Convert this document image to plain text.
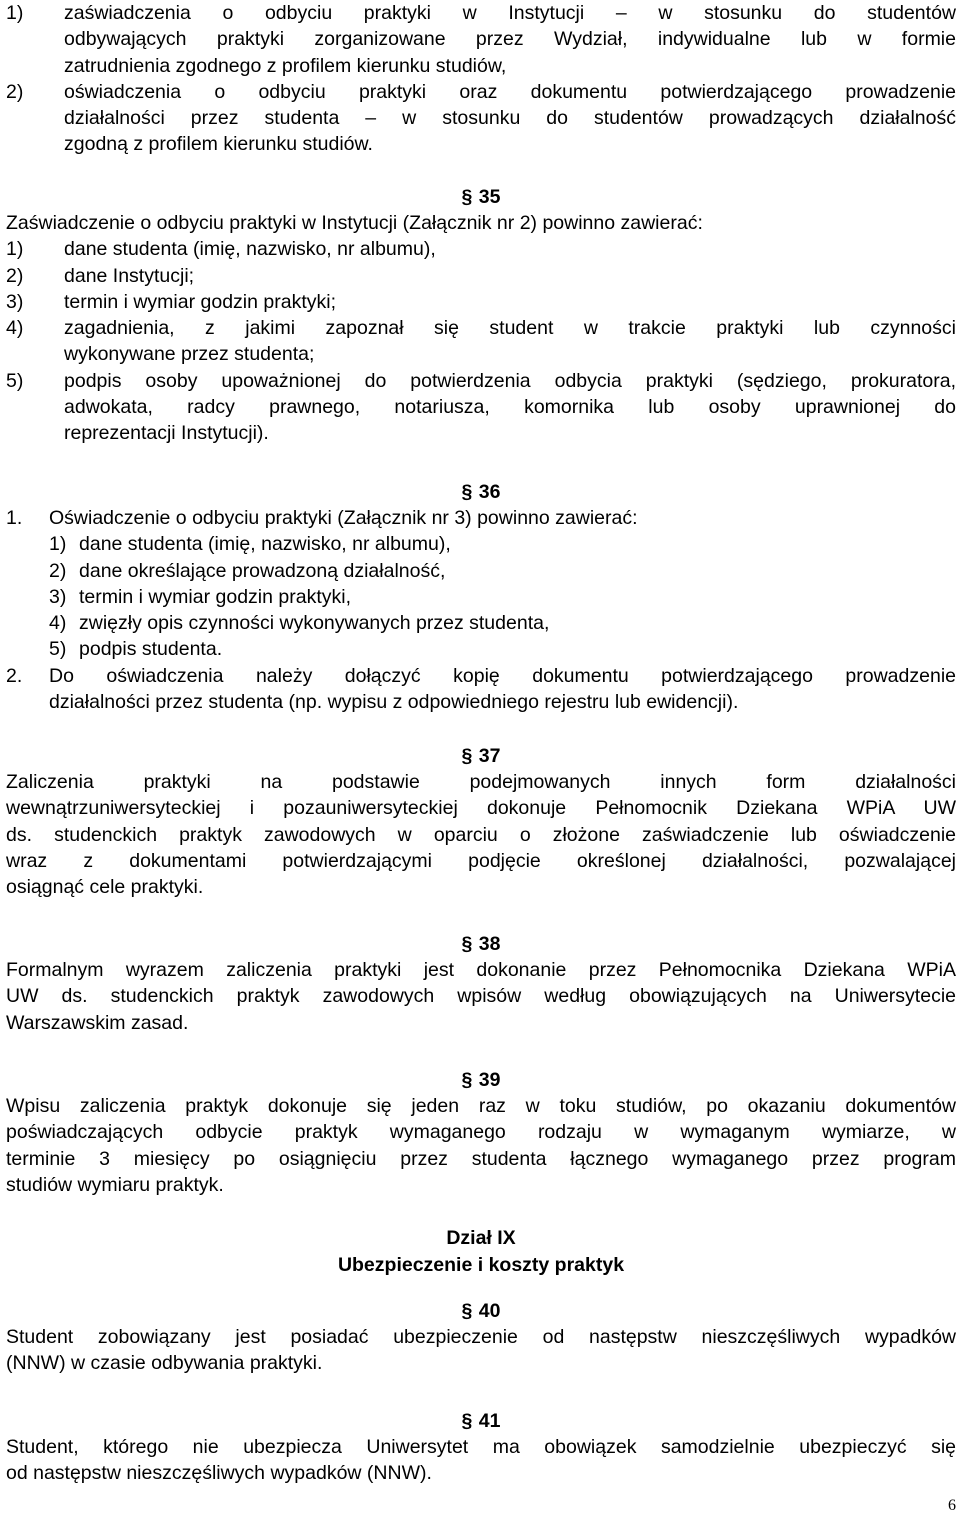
1)	zaświadczenia o odbyciu praktyki w Instytucji – w stosunku do studentów
odbywających praktyki zorganizowane przez Wydział, indywidualne lub w formie
zatrudnienia zgodnego z profilem kierunku studiów,
2)	oświadczenia o odbyciu praktyki oraz dokumentu potwierdzającego prowadzenie
działalności przez studenta – w stosunku do studentów prowadzących działalność
zgodną z profilem kierunku studiów.
§ 35
Zaświadczenie o odbyciu praktyki w Instytucji (Załącznik nr 2) powinno zawierać:
1)	dane studenta (imię, nazwisko, nr albumu),
2)	dane Instytucji;
3)	termin i wymiar godzin praktyki;
4)	zagadnienia, z jakimi zapoznał się student w trakcie praktyki lub czynności
wykonywane przez studenta;
5)	podpis osoby upoważnionej do potwierdzenia odbycia praktyki (sędziego, prokuratora,
adwokata, radcy prawnego, notariusza, komornika lub osoby uprawnionej do
reprezentacji Instytucji).
§ 36
1.	Oświadczenie o odbyciu praktyki (Załącznik nr 3) powinno zawierać:
1) dane studenta (imię, nazwisko, nr albumu),
2) dane określające prowadzoną działalność,
3) termin i wymiar godzin praktyki,
4) zwięzły opis czynności wykonywanych przez studenta,
5) podpis studenta.
2.	Do oświadczenia należy dołączyć kopię dokumentu potwierdzającego prowadzenie
działalności przez studenta (np. wypisu z odpowiedniego rejestru lub ewidencji).
§ 37
Zaliczenia praktyki na podstawie podejmowanych innych form działalności
wewnątrzuniwersyteckiej i pozauniwersyteckiej dokonuje Pełnomocnik Dziekana WPiA UW
ds. studenckich praktyk zawodowych w oparciu o złożone zaświadczenie lub oświadczenie
wraz z dokumentami potwierdzającymi podjęcie określonej działalności, pozwalającej
osiągnąć cele praktyki.
§ 38
Formalnym wyrazem zaliczenia praktyki jest dokonanie przez Pełnomocnika Dziekana WPiA
UW ds. studenckich praktyk zawodowych wpisów według obowiązujących na Uniwersytecie
Warszawskim zasad.
§ 39
Wpisu zaliczenia praktyk dokonuje się jeden raz w toku studiów, po okazaniu dokumentów
poświadczających odbycie praktyk wymaganego rodzaju w wymaganym wymiarze, w
terminie 3 miesięcy po osiągnięciu przez studenta łącznego wymaganego przez program
studiów wymiaru praktyk.
Dział IX
Ubezpieczenie i koszty praktyk
§ 40
Student zobowiązany jest posiadać ubezpieczenie od następstw nieszczęśliwych wypadków
(NNW) w czasie odbywania praktyki.
§ 41
Student, którego nie ubezpiecza Uniwersytet ma obowiązek samodzielnie ubezpieczyć się
od następstw nieszczęśliwych wypadków (NNW).
6
